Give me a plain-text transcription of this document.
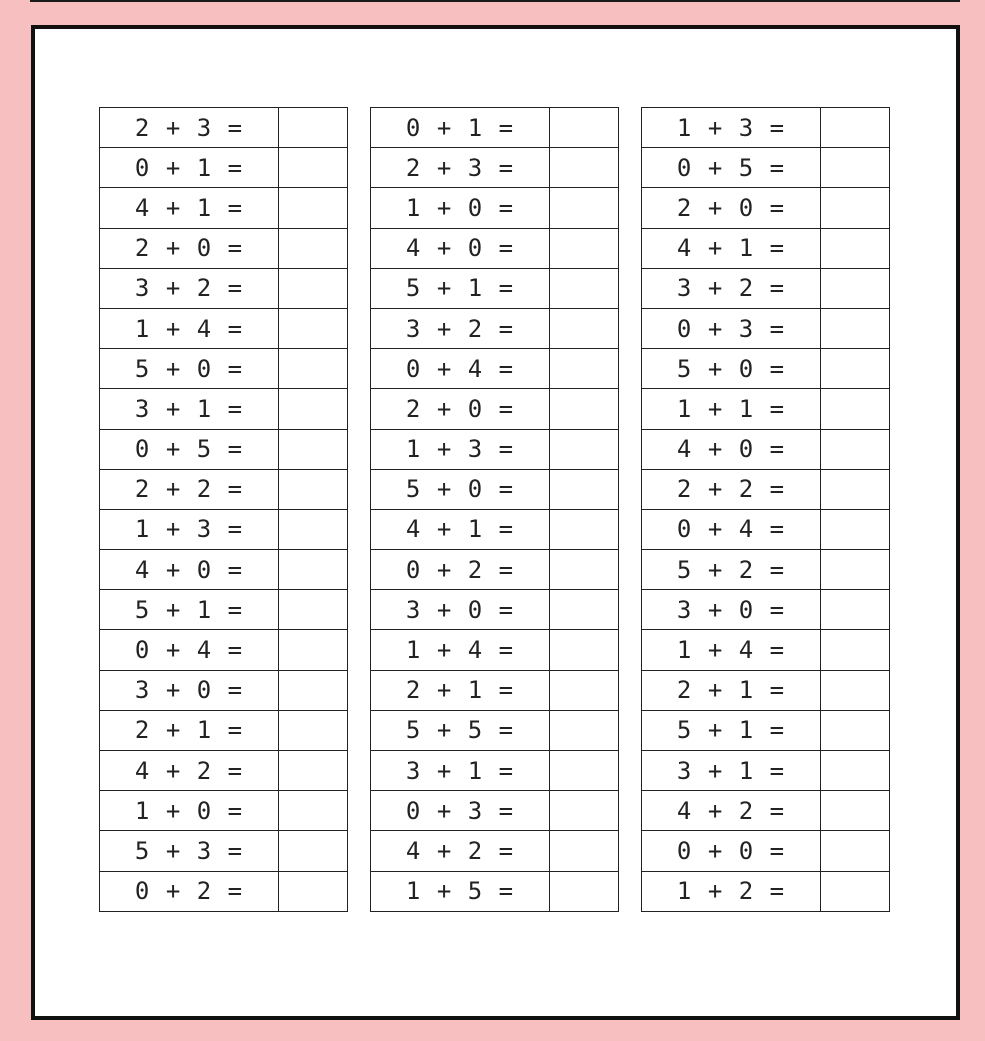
2 + 3 =	
0 + 1 =	
4 + 1 =	
2 + 0 =	
3 + 2 =	
1 + 4 =	
5 + 0 =	
3 + 1 =	
0 + 5 =	
2 + 2 =	
1 + 3 =	
4 + 0 =	
5 + 1 =	
0 + 4 =	
3 + 0 =	
2 + 1 =	
4 + 2 =	
1 + 0 =	
5 + 3 =	
0 + 2 =	
0 + 1 =	
2 + 3 =	
1 + 0 =	
4 + 0 =	
5 + 1 =	
3 + 2 =	
0 + 4 =	
2 + 0 =	
1 + 3 =	
5 + 0 =	
4 + 1 =	
0 + 2 =	
3 + 0 =	
1 + 4 =	
2 + 1 =	
5 + 5 =	
3 + 1 =	
0 + 3 =	
4 + 2 =	
1 + 5 =	
1 + 3 =	
0 + 5 =	
2 + 0 =	
4 + 1 =	
3 + 2 =	
0 + 3 =	
5 + 0 =	
1 + 1 =	
4 + 0 =	
2 + 2 =	
0 + 4 =	
5 + 2 =	
3 + 0 =	
1 + 4 =	
2 + 1 =	
5 + 1 =	
3 + 1 =	
4 + 2 =	
0 + 0 =	
1 + 2 =	
